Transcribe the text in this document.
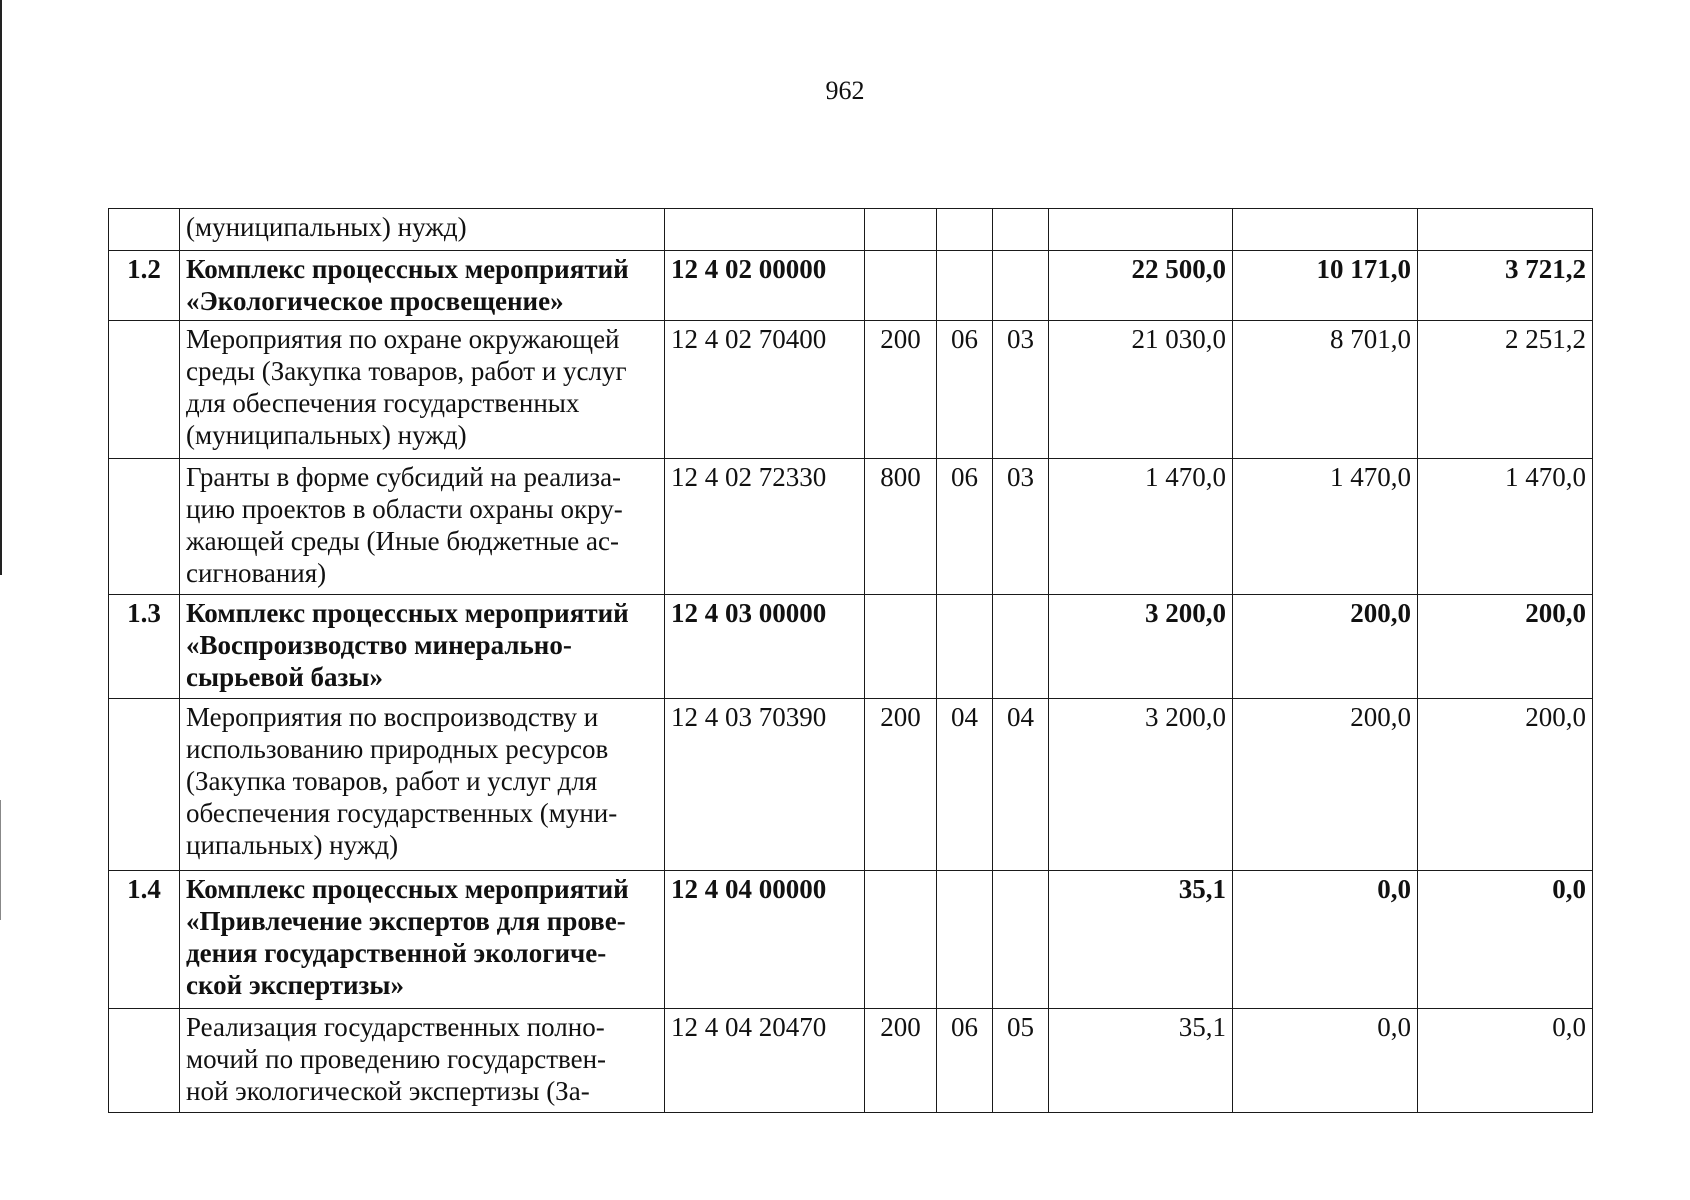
962

	(муниципальных) нужд)							

1.2	Комплекс процессных мероприятий
«Экологическое просвещение»	12 4 02 00000				22 500,0	10 171,0	3 721,2

	Мероприятия по охране окружающей
среды (Закупка товаров, работ и услуг
для обеспечения государственных
(муниципальных) нужд)	12 4 02 70400	200	06	03	21 030,0	8 701,0	2 251,2

	Гранты в форме субсидий на реализа-
цию проектов в области охраны окру-
жающей среды (Иные бюджетные ас-
сигнования)	12 4 02 72330	800	06	03	1 470,0	1 470,0	1 470,0
1.3	Комплекс процессных мероприятий
«Воспроизводство минерально-
сырьевой базы»	12 4 03 00000				3 200,0	200,0	200,0

	Мероприятия по воспроизводству и
использованию природных ресурсов
(Закупка товаров, работ и услуг для
обеспечения государственных (муни-
ципальных) нужд)	12 4 03 70390	200	04	04	3 200,0	200,0	200,0
1.4	Комплекс процессных мероприятий
«Привлечение экспертов для прове-
дения государственной экологиче-
ской экспертизы»	12 4 04 00000				35,1	0,0	0,0

	Реализация государственных полно-
мочий по проведению государствен-
ной экологической экспертизы (За-	12 4 04 20470	200	06	05	35,1	0,0	0,0
